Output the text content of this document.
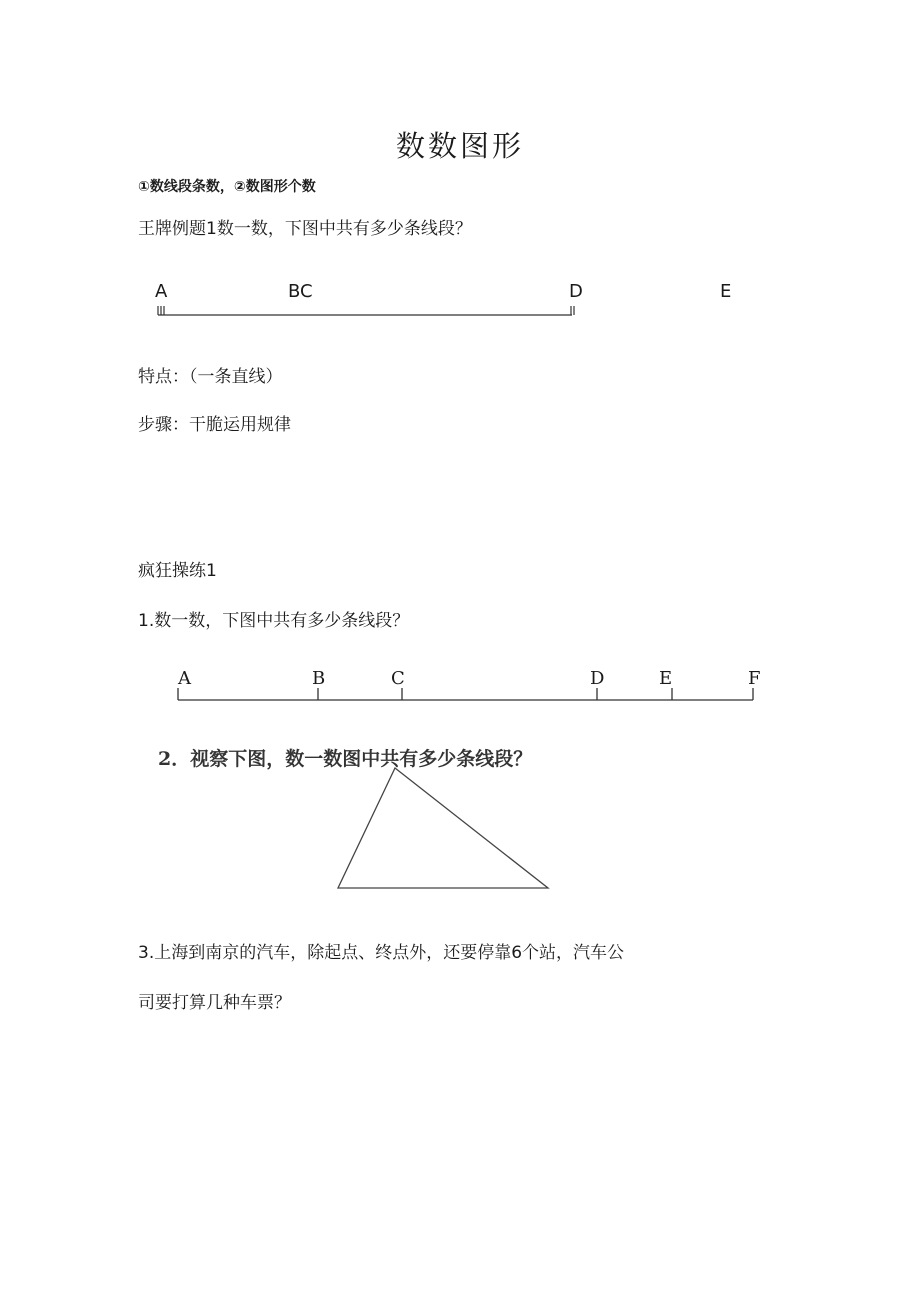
数数图形
①数线段条数，②数图形个数
王牌例题1数一数，下图中共有多少条线段？
A	BC	D	E
特点：（一条直线）
步骤：干脆运用规律
疯狂操练1
1.数一数，下图中共有多少条线段？
A	B	C	D	E	F
2．视察下图，数一数图中共有多少条线段？
3.上海到南京的汽车，除起点、终点外，还要停靠6个站，汽车公
司要打算几种车票？
